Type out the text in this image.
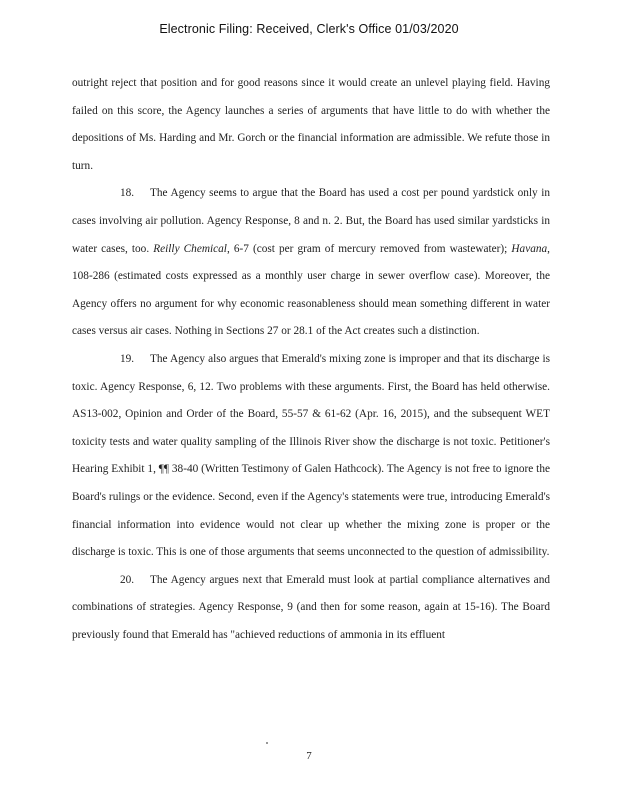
Electronic Filing: Received, Clerk's Office 01/03/2020

outright reject that position and for good reasons since it would create an unlevel playing field. Having failed on this score, the Agency launches a series of arguments that have little to do with whether the depositions of Ms. Harding and Mr. Gorch or the financial information are admissible. We refute those in turn.

18. The Agency seems to argue that the Board has used a cost per pound yardstick only in cases involving air pollution. Agency Response, 8 and n. 2. But, the Board has used similar yardsticks in water cases, too. Reilly Chemical, 6-7 (cost per gram of mercury removed from wastewater); Havana, 108-286 (estimated costs expressed as a monthly user charge in sewer overflow case). Moreover, the Agency offers no argument for why economic reasonableness should mean something different in water cases versus air cases. Nothing in Sections 27 or 28.1 of the Act creates such a distinction.

19. The Agency also argues that Emerald's mixing zone is improper and that its discharge is toxic. Agency Response, 6, 12. Two problems with these arguments. First, the Board has held otherwise. AS13-002, Opinion and Order of the Board, 55-57 & 61-62 (Apr. 16, 2015), and the subsequent WET toxicity tests and water quality sampling of the Illinois River show the discharge is not toxic. Petitioner's Hearing Exhibit 1, ¶¶ 38-40 (Written Testimony of Galen Hathcock). The Agency is not free to ignore the Board's rulings or the evidence. Second, even if the Agency's statements were true, introducing Emerald's financial information into evidence would not clear up whether the mixing zone is proper or the discharge is toxic. This is one of those arguments that seems unconnected to the question of admissibility.

20. The Agency argues next that Emerald must look at partial compliance alternatives and combinations of strategies. Agency Response, 9 (and then for some reason, again at 15-16). The Board previously found that Emerald has "achieved reductions of ammonia in its effluent

7
